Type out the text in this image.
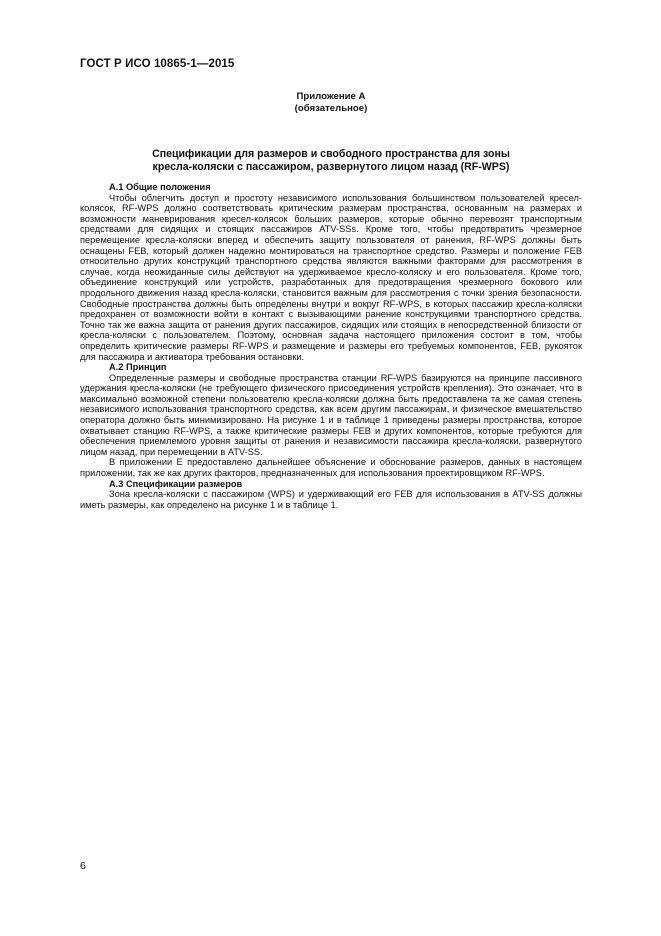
ГОСТ Р ИСО 10865-1—2015
Приложение А
(обязательное)
Спецификации для размеров и свободного пространства для зоны
кресла-коляски с пассажиром, развернутого лицом назад (RF-WPS)

А.1 Общие положения

Чтобы облегчить доступ и простоту независимого использования большинством пользователей кресел-колясок, RF-WPS должно соответствовать критическим размерам пространства, основанным на размерах и возможности маневрирования кресел-колясок больших размеров, которые обычно перевозят транспортным средствами для сидящих и стоящих пассажиров ATV-SSs. Кроме того, чтобы предотвратить чрезмерное перемещение кресла-коляски вперед и обеспечить защиту пользователя от ранения, RF-WPS должны быть оснащены FEB, который должен надежно монтироваться на транспортное средство. Размеры и положение FEB относительно других конструкций транспортного средства являются важными факторами для рассмотрения в случае, когда неожиданные силы действуют на удерживаемое кресло-коляску и его пользователя. Кроме того, объединение конструкций или устройств, разработанных для предотвращения чрезмерного бокового или продольного движения назад кресла-коляски, становится важным для рассмотрения с точки зрения безопасности. Свободные пространства должны быть определены внутри и вокруг RF-WPS, в которых пассажир кресла-коляски предохранен от возможности войти в контакт с вызывающими ранение конструкциями транспортного средства. Точно так же важна защита от ранения других пассажиров, сидящих или стоящих в непосредственной близости от кресла-коляски с пользователем. Поэтому, основная задача настоящего приложения состоит в том, чтобы определить критические размеры RF-WPS и размещение и размеры его требуемых компонентов, FEB, рукояток для пассажира и активатора требования остановки.

А.2 Принцип

Определенные размеры и свободные пространства станции RF-WPS базируются на принципе пассивного удержания кресла-коляски (не требующего физического присоединения устройств крепления). Это означает, что в максимально возможной степени пользователю кресла-коляски должна быть предоставлена та же самая степень независимого использования транспортного средства, как всем другим пассажирам, и физическое вмешательство оператора должно быть минимизировано. На рисунке 1 и в таблице 1 приведены размеры пространства, которое охватывает станцию RF-WPS, а также критические размеры FEB и других компонентов, которые требуются для обеспечения приемлемого уровня защиты от ранения и независимости пассажира кресла-коляски, развернутого лицом назад, при перемещении в ATV-SS.

В приложении Е предоставлено дальнейшее объяснение и обоснование размеров, данных в настоящем приложении, так же как других факторов, предназначенных для использования проектировщиком RF-WPS.

А.3 Спецификации размеров

Зона кресла-коляски с пассажиром (WPS) и удерживающий его FEB для использования в ATV-SS должны иметь размеры, как определено на рисунке 1 и в таблице 1.

6
